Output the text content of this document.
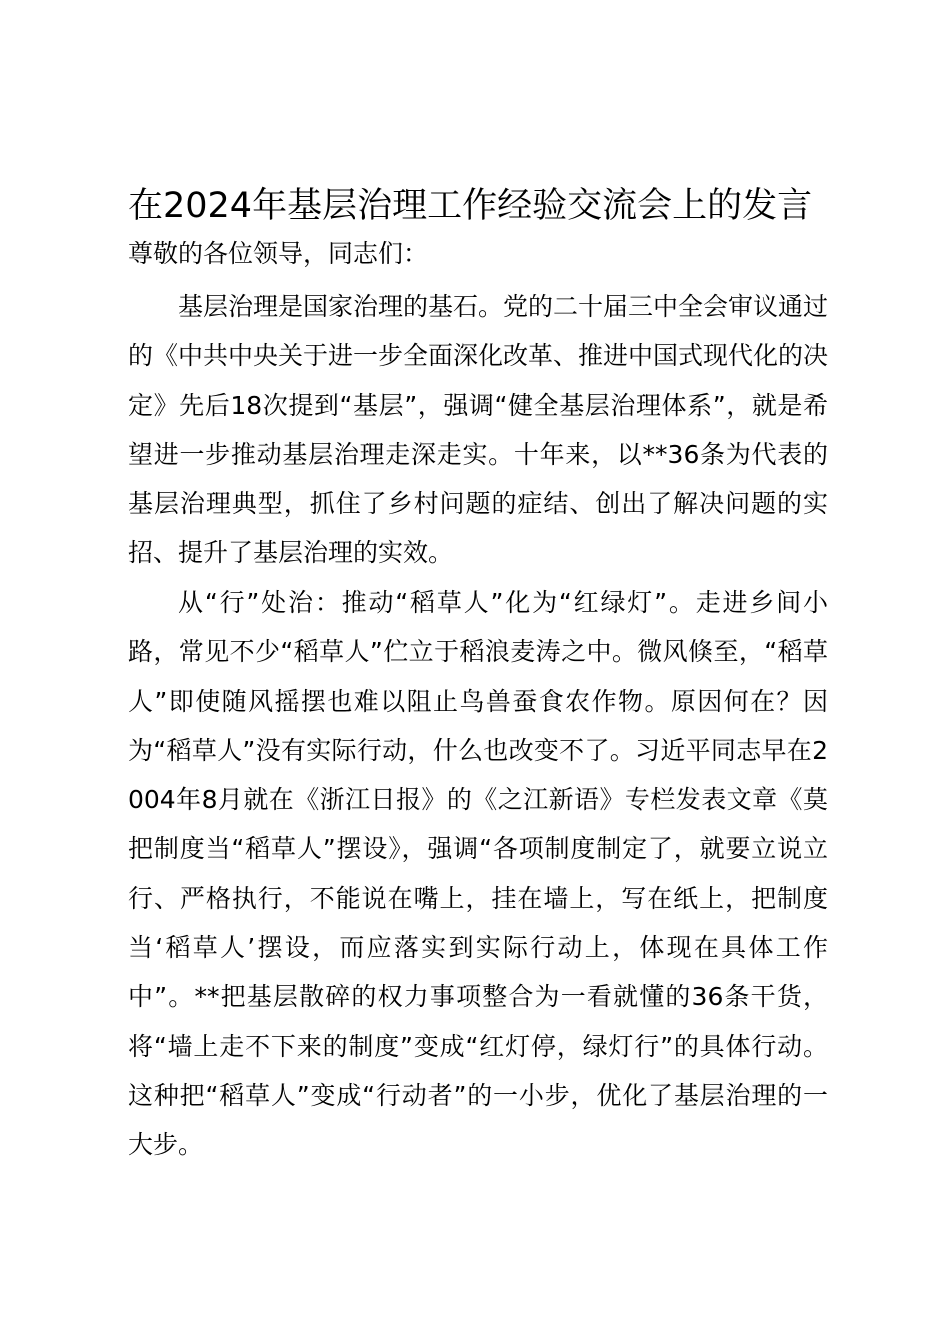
在2024年基层治理工作经验交流会上的发言
尊敬的各位领导，同志们：
基层治理是国家治理的基石。党的二十届三中全会审议通过的《中共中央关于进一步全面深化改革、推进中国式现代化的决定》先后18次提到“基层”，强调“健全基层治理体系”，就是希望进一步推动基层治理走深走实。十年来，以**36条为代表的基层治理典型，抓住了乡村问题的症结、创出了解决问题的实招、提升了基层治理的实效。
从“行”处治：推动“稻草人”化为“红绿灯”。走进乡间小路，常见不少“稻草人”伫立于稻浪麦涛之中。微风倏至，“稻草人”即使随风摇摆也难以阻止鸟兽蚕食农作物。原因何在？因为“稻草人”没有实际行动，什么也改变不了。习近平同志早在2004年8月就在《浙江日报》的《之江新语》专栏发表文章《莫把制度当“稻草人”摆设》，强调“各项制度制定了，就要立说立行、严格执行，不能说在嘴上，挂在墙上，写在纸上，把制度当‘稻草人’摆设，而应落实到实际行动上，体现在具体工作中”。**把基层散碎的权力事项整合为一看就懂的36条干货，将“墙上走不下来的制度”变成“红灯停，绿灯行”的具体行动。这种把“稻草人”变成“行动者”的一小步，优化了基层治理的一大步。
